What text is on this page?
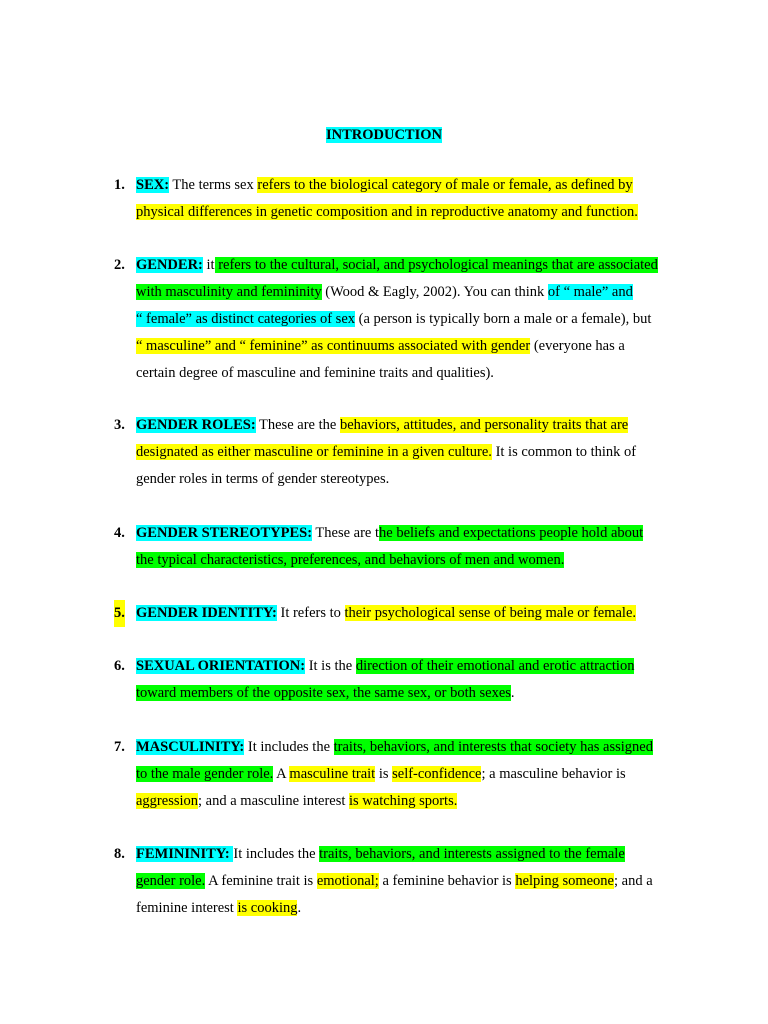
INTRODUCTION
1. SEX: The terms sex refers to the biological category of male or female, as defined by
physical differences in genetic composition and in reproductive anatomy and function.
2. GENDER: it refers to the cultural, social, and psychological meanings that are associated
with masculinity and femininity (Wood & Eagly, 2002). You can think of “ male” and
“ female” as distinct categories of sex (a person is typically born a male or a female), but
“ masculine” and “ feminine” as continuums associated with gender (everyone has a
certain degree of masculine and feminine traits and qualities).
3. GENDER ROLES: These are the behaviors, attitudes, and personality traits that are
designated as either masculine or feminine in a given culture. It is common to think of
gender roles in terms of gender stereotypes.
4. GENDER STEREOTYPES: These are the beliefs and expectations people hold about
the typical characteristics, preferences, and behaviors of men and women.
5. GENDER IDENTITY: It refers to their psychological sense of being male or female.
6. SEXUAL ORIENTATION: It is the direction of their emotional and erotic attraction
toward members of the opposite sex, the same sex, or both sexes.
7. MASCULINITY: It includes the traits, behaviors, and interests that society has assigned
to the male gender role. A masculine trait is self-confidence; a masculine behavior is
aggression; and a masculine interest is watching sports.
8. FEMININITY: It includes the traits, behaviors, and interests assigned to the female
gender role. A feminine trait is emotional; a feminine behavior is helping someone; and a
feminine interest is cooking.
